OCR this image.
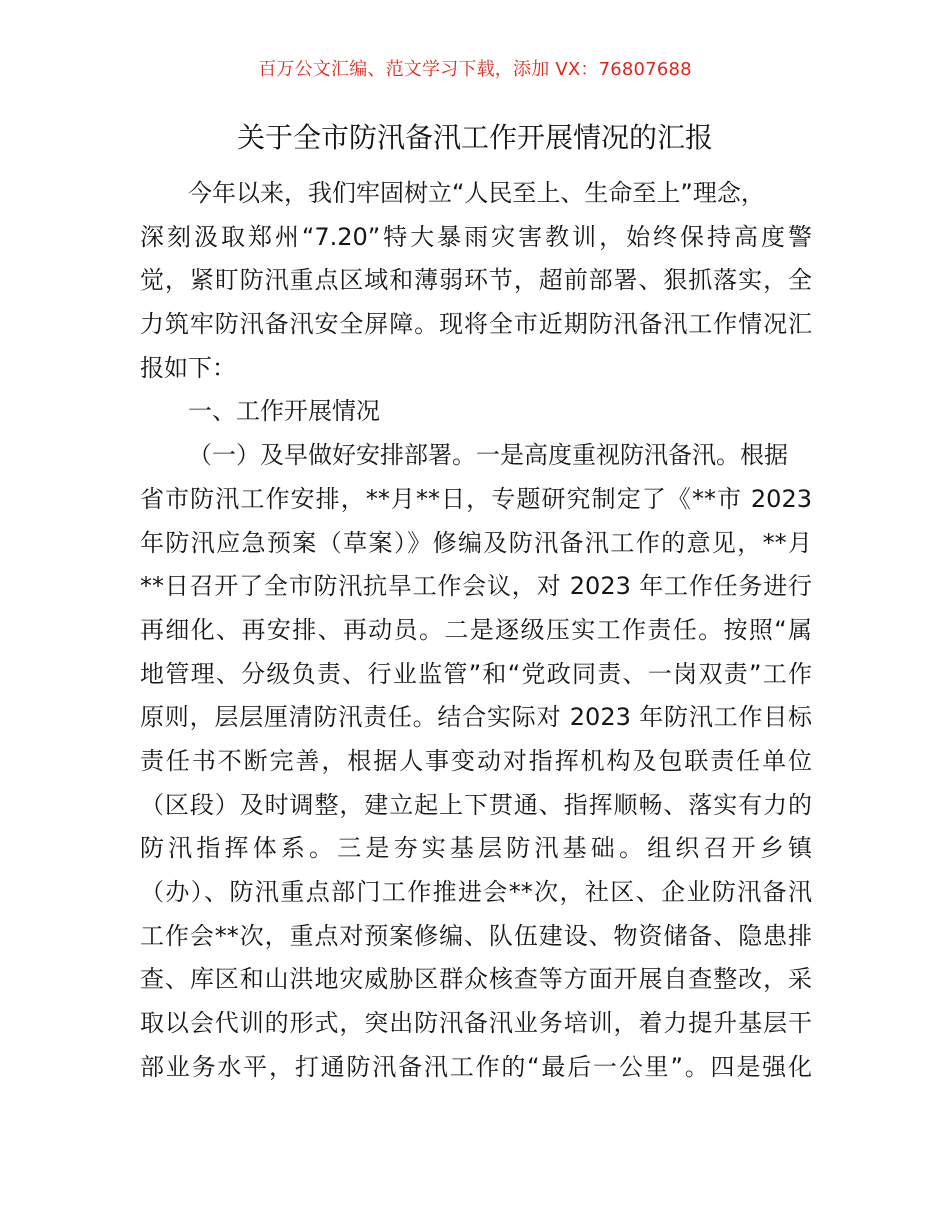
百万公文汇编、范文学习下载，添加 VX：76807688
关于全市防汛备汛工作开展情况的汇报
今年以来，我们牢固树立“人民至上、生命至上”理念，
深刻汲取郑州“7.20”特大暴雨灾害教训，始终保持高度警
觉，紧盯防汛重点区域和薄弱环节，超前部署、狠抓落实，全
力筑牢防汛备汛安全屏障。现将全市近期防汛备汛工作情况汇
报如下：
一、工作开展情况
（一）及早做好安排部署。一是高度重视防汛备汛。根据
省市防汛工作安排，**月**日，专题研究制定了《**市 2023
年防汛应急预案（草案）》修编及防汛备汛工作的意见，**月
**日召开了全市防汛抗旱工作会议，对 2023 年工作任务进行
再细化、再安排、再动员。二是逐级压实工作责任。按照“属
地管理、分级负责、行业监管”和“党政同责、一岗双责”工作
原则，层层厘清防汛责任。结合实际对 2023 年防汛工作目标
责任书不断完善，根据人事变动对指挥机构及包联责任单位
（区段）及时调整，建立起上下贯通、指挥顺畅、落实有力的
防汛指挥体系。三是夯实基层防汛基础。组织召开乡镇
（办）、防汛重点部门工作推进会**次，社区、企业防汛备汛
工作会**次，重点对预案修编、队伍建设、物资储备、隐患排
查、库区和山洪地灾威胁区群众核查等方面开展自查整改，采
取以会代训的形式，突出防汛备汛业务培训，着力提升基层干
部业务水平，打通防汛备汛工作的“最后一公里”。四是强化
